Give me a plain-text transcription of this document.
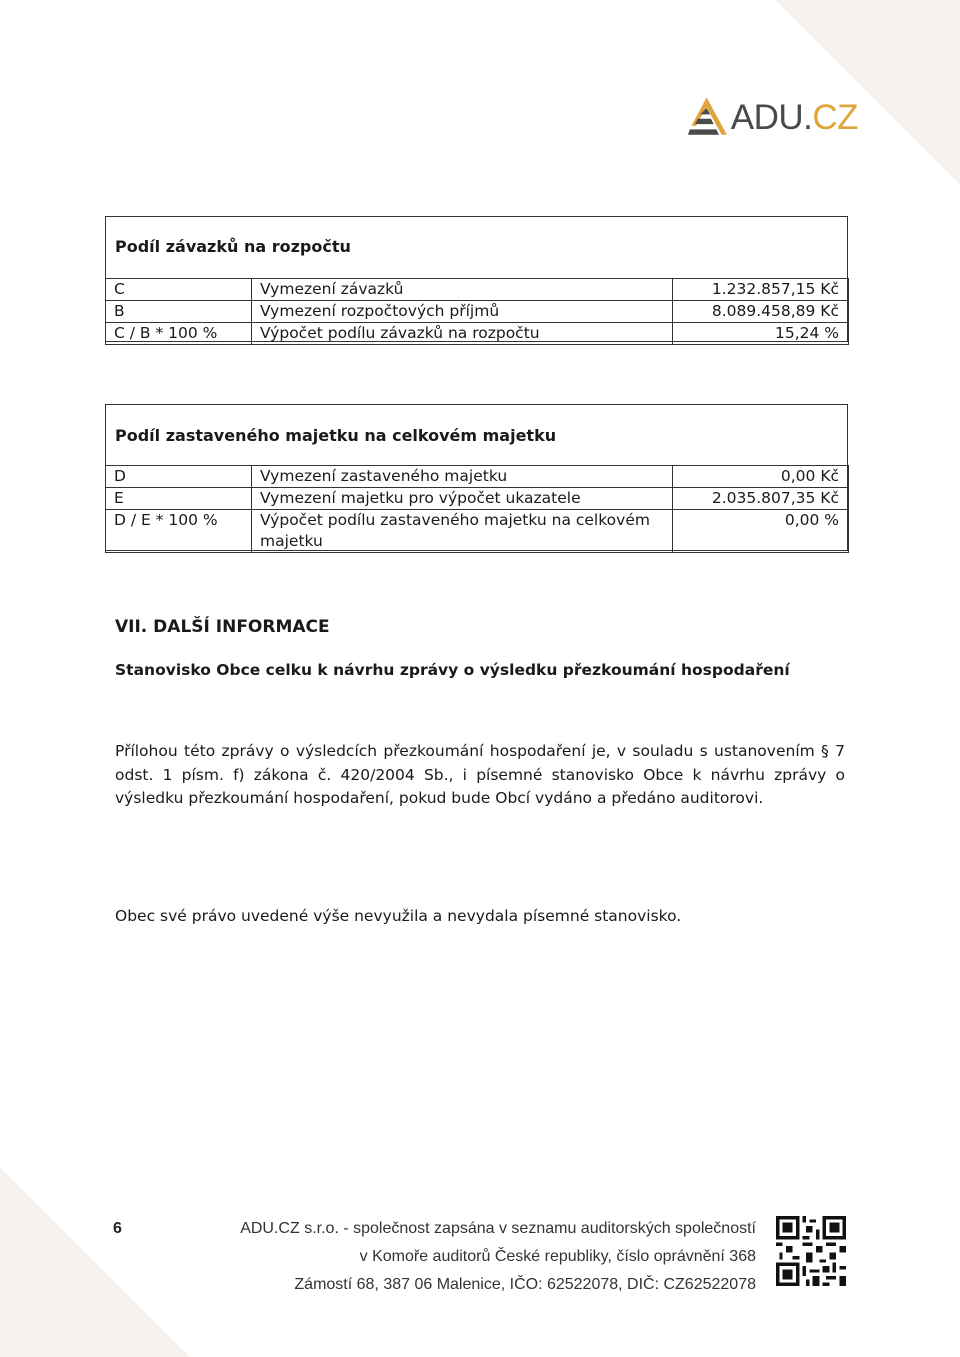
ADU.CZ
Podíl závazků na rozpočtu
C	Vymezení závazků	1.232.857,15 Kč
B	Vymezení rozpočtových příjmů	8.089.458,89 Kč
C / B * 100 %	Výpočet podílu závazků na rozpočtu	15,24 %
Podíl zastaveného majetku na celkovém majetku
D	Vymezení zastaveného majetku	0,00 Kč
E	Vymezení majetku pro výpočet ukazatele	2.035.807,35 Kč
D / E * 100 %	Výpočet podílu zastaveného majetku na celkovém majetku	0,00 %
VII. DALŠÍ INFORMACE
Stanovisko Obce celku k návrhu zprávy o výsledku přezkoumání hospodaření
Přílohou této zprávy o výsledcích přezkoumání hospodaření je, v souladu s ustanovením § 7 odst. 1 písm. f) zákona č. 420/2004 Sb., i písemné stanovisko Obce k návrhu zprávy o výsledku přezkoumání hospodaření, pokud bude Obcí vydáno a předáno auditorovi.
Obec své právo uvedené výše nevyužila a nevydala písemné stanovisko.
6	ADU.CZ s.r.o. - společnost zapsána v seznamu auditorských společností
v Komoře auditorů České republiky, číslo oprávnění 368
Zámostí 68, 387 06 Malenice, IČO: 62522078, DIČ: CZ62522078
